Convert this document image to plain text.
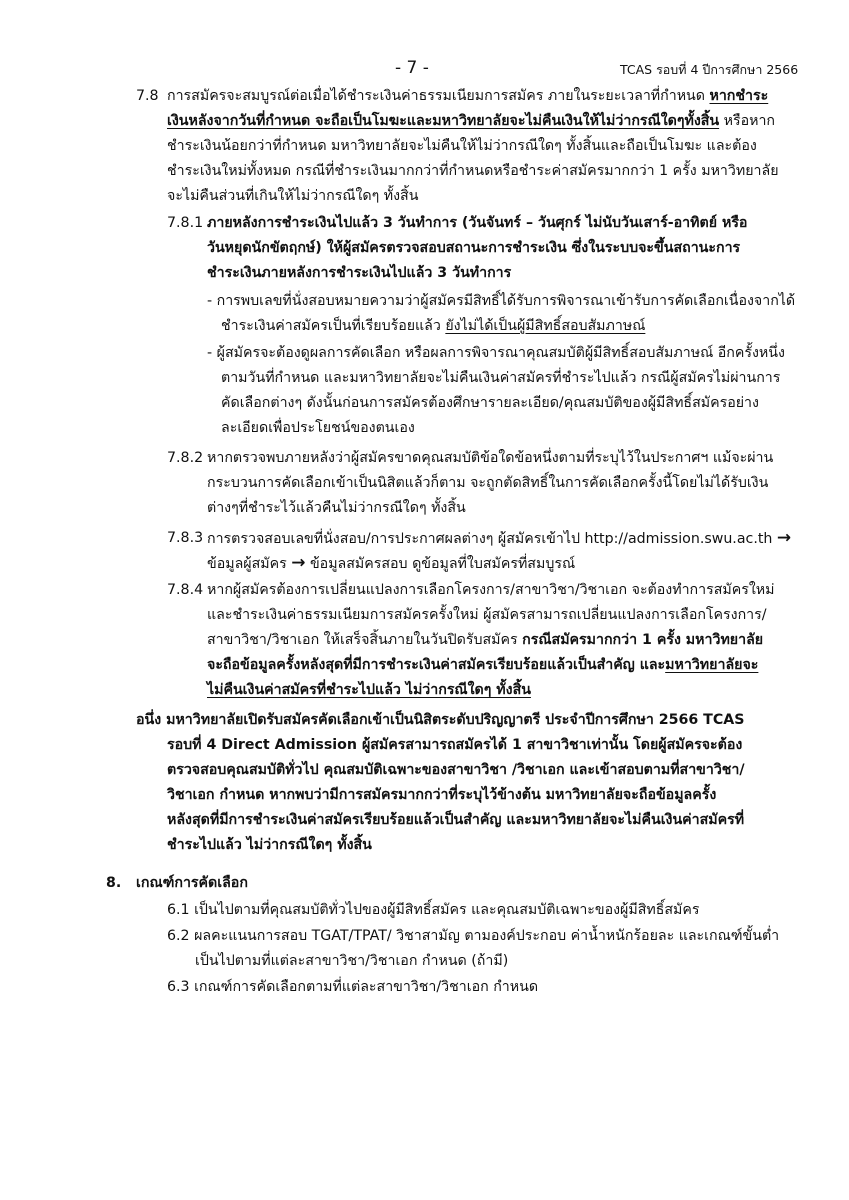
- 7 -	TCAS รอบที่ 4 ปีการศึกษา 2566
7.8 การสมัครจะสมบูรณ์ต่อเมื่อได้ชำระเงินค่าธรรมเนียมการสมัคร ภายในระยะเวลาที่กำหนด หากชำระ
เงินหลังจากวันที่กำหนด จะถือเป็นโมฆะและมหาวิทยาลัยจะไม่คืนเงินให้ไม่ว่ากรณีใดๆทั้งสิ้น หรือหาก
ชำระเงินน้อยกว่าที่กำหนด มหาวิทยาลัยจะไม่คืนให้ไม่ว่ากรณีใดๆ ทั้งสิ้นและถือเป็นโมฆะ และต้อง
ชำระเงินใหม่ทั้งหมด กรณีที่ชำระเงินมากกว่าที่กำหนดหรือชำระค่าสมัครมากกว่า 1 ครั้ง มหาวิทยาลัย
จะไม่คืนส่วนที่เกินให้ไม่ว่ากรณีใดๆ ทั้งสิ้น
7.8.1 ภายหลังการชำระเงินไปแล้ว 3 วันทำการ (วันจันทร์ – วันศุกร์ ไม่นับวันเสาร์-อาทิตย์ หรือ
วันหยุดนักขัตฤกษ์) ให้ผู้สมัครตรวจสอบสถานะการชำระเงิน ซึ่งในระบบจะขึ้นสถานะการ
ชำระเงินภายหลังการชำระเงินไปแล้ว 3 วันทำการ
- การพบเลขที่นั่งสอบหมายความว่าผู้สมัครมีสิทธิ์ได้รับการพิจารณาเข้ารับการคัดเลือกเนื่องจากได้
ชำระเงินค่าสมัครเป็นที่เรียบร้อยแล้ว ยังไม่ได้เป็นผู้มีสิทธิ์สอบสัมภาษณ์
- ผู้สมัครจะต้องดูผลการคัดเลือก หรือผลการพิจารณาคุณสมบัติผู้มีสิทธิ์สอบสัมภาษณ์ อีกครั้งหนึ่ง
ตามวันที่กำหนด และมหาวิทยาลัยจะไม่คืนเงินค่าสมัครที่ชำระไปแล้ว กรณีผู้สมัครไม่ผ่านการ
คัดเลือกต่างๆ ดังนั้นก่อนการสมัครต้องศึกษารายละเอียด/คุณสมบัติของผู้มีสิทธิ์สมัครอย่าง
ละเอียดเพื่อประโยชน์ของตนเอง
7.8.2 หากตรวจพบภายหลังว่าผู้สมัครขาดคุณสมบัติข้อใดข้อหนึ่งตามที่ระบุไว้ในประกาศฯ แม้จะผ่าน
กระบวนการคัดเลือกเข้าเป็นนิสิตแล้วก็ตาม จะถูกตัดสิทธิ์ในการคัดเลือกครั้งนี้โดยไม่ได้รับเงิน
ต่างๆที่ชำระไว้แล้วคืนไม่ว่ากรณีใดๆ ทั้งสิ้น
7.8.3 การตรวจสอบเลขที่นั่งสอบ/การประกาศผลต่างๆ ผู้สมัครเข้าไป http://admission.swu.ac.th →
ข้อมูลผู้สมัคร → ข้อมูลสมัครสอบ ดูข้อมูลที่ใบสมัครที่สมบูรณ์
7.8.4 หากผู้สมัครต้องการเปลี่ยนแปลงการเลือกโครงการ/สาขาวิชา/วิชาเอก จะต้องทำการสมัครใหม่
และชำระเงินค่าธรรมเนียมการสมัครครั้งใหม่ ผู้สมัครสามารถเปลี่ยนแปลงการเลือกโครงการ/
สาขาวิชา/วิชาเอก ให้เสร็จสิ้นภายในวันปิดรับสมัคร กรณีสมัครมากกว่า 1 ครั้ง มหาวิทยาลัย
จะถือข้อมูลครั้งหลังสุดที่มีการชำระเงินค่าสมัครเรียบร้อยแล้วเป็นสำคัญ และมหาวิทยาลัยจะ
ไม่คืนเงินค่าสมัครที่ชำระไปแล้ว ไม่ว่ากรณีใดๆ ทั้งสิ้น
อนึ่ง มหาวิทยาลัยเปิดรับสมัครคัดเลือกเข้าเป็นนิสิตระดับปริญญาตรี ประจำปีการศึกษา 2566 TCAS
รอบที่ 4 Direct Admission ผู้สมัครสามารถสมัครได้ 1 สาขาวิชาเท่านั้น โดยผู้สมัครจะต้อง
ตรวจสอบคุณสมบัติทั่วไป คุณสมบัติเฉพาะของสาขาวิชา /วิชาเอก และเข้าสอบตามที่สาขาวิชา/
วิชาเอก กำหนด หากพบว่ามีการสมัครมากกว่าที่ระบุไว้ข้างต้น มหาวิทยาลัยจะถือข้อมูลครั้ง
หลังสุดที่มีการชำระเงินค่าสมัครเรียบร้อยแล้วเป็นสำคัญ และมหาวิทยาลัยจะไม่คืนเงินค่าสมัครที่
ชำระไปแล้ว ไม่ว่ากรณีใดๆ ทั้งสิ้น
8. เกณฑ์การคัดเลือก
6.1 เป็นไปตามที่คุณสมบัติทั่วไปของผู้มีสิทธิ์สมัคร และคุณสมบัติเฉพาะของผู้มีสิทธิ์สมัคร
6.2 ผลคะแนนการสอบ TGAT/TPAT/ วิชาสามัญ ตามองค์ประกอบ ค่าน้ำหนักร้อยละ และเกณฑ์ขั้นต่ำ
เป็นไปตามที่แต่ละสาขาวิชา/วิชาเอก กำหนด (ถ้ามี)
6.3 เกณฑ์การคัดเลือกตามที่แต่ละสาขาวิชา/วิชาเอก กำหนด
